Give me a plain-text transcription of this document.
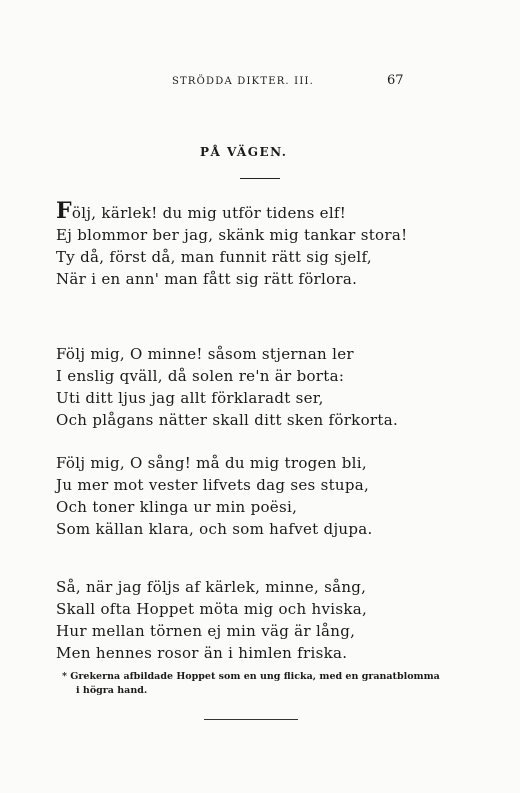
STRÖDDA DIKTER. III.	67
PÅ VÄGEN.
Följ, kärlek! du mig utför tidens elf!
Ej blommor ber jag, skänk mig tankar stora!
Ty då, först då, man funnit rätt sig sjelf,
När i en ann' man fått sig rätt förlora.
Följ mig, O minne! såsom stjernan ler
I enslig qväll, då solen re'n är borta:
Uti ditt ljus jag allt förklaradt ser,
Och plågans nätter skall ditt sken förkorta.
Följ mig, O sång! må du mig trogen bli,
Ju mer mot vester lifvets dag ses stupa,
Och toner klinga ur min poësi,
Som källan klara, och som hafvet djupa.
Så, när jag följs af kärlek, minne, sång,
Skall ofta Hoppet möta mig och hviska,
Hur mellan törnen ej min väg är lång,
Men hennes rosor än i himlen friska.
* Grekerna afbildade Hoppet som en ung flicka, med en granatblomma
i högra hand.
